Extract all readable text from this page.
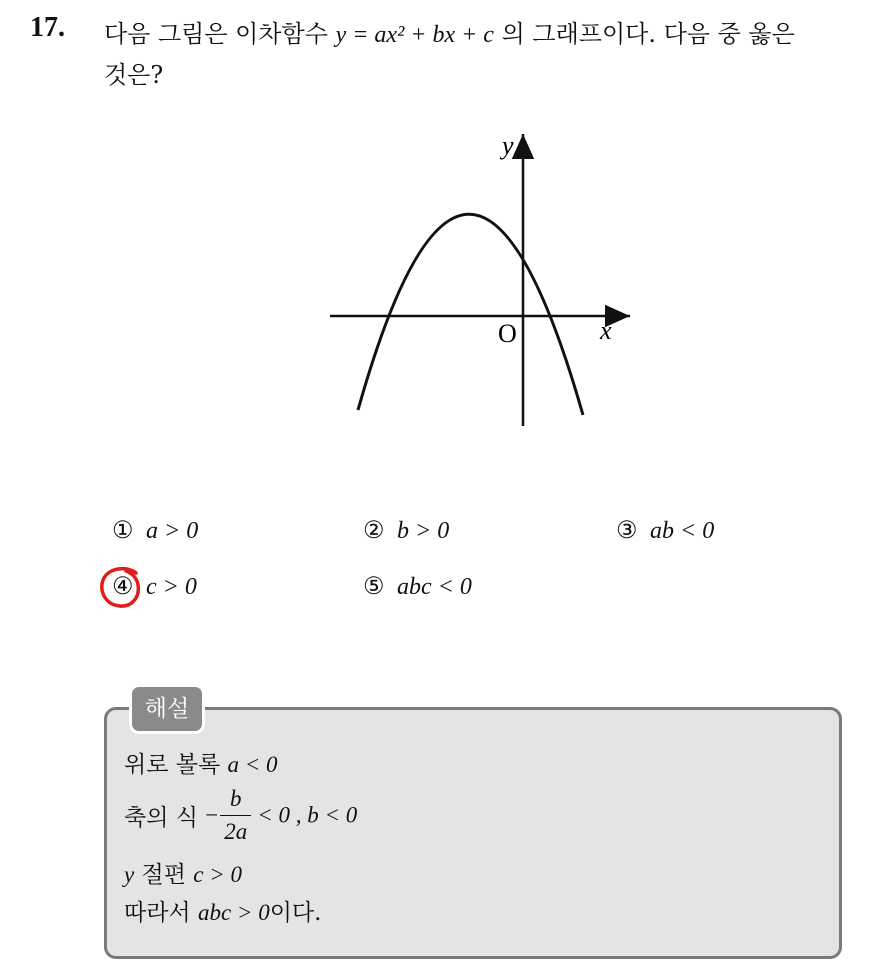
17. 다음 그림은 이차함수 y = ax² + bx + c 의 그래프이다. 다음 중 옳은
것은?
y
x
O
① a > 0	② b > 0	③ ab < 0
④ c > 0	⑤ abc < 0
해설
위로 볼록 a < 0
축의 식 − $\frac{b}{2a} < 0$ , b < 0
y 절편 c > 0
따라서 abc > 0이다.
